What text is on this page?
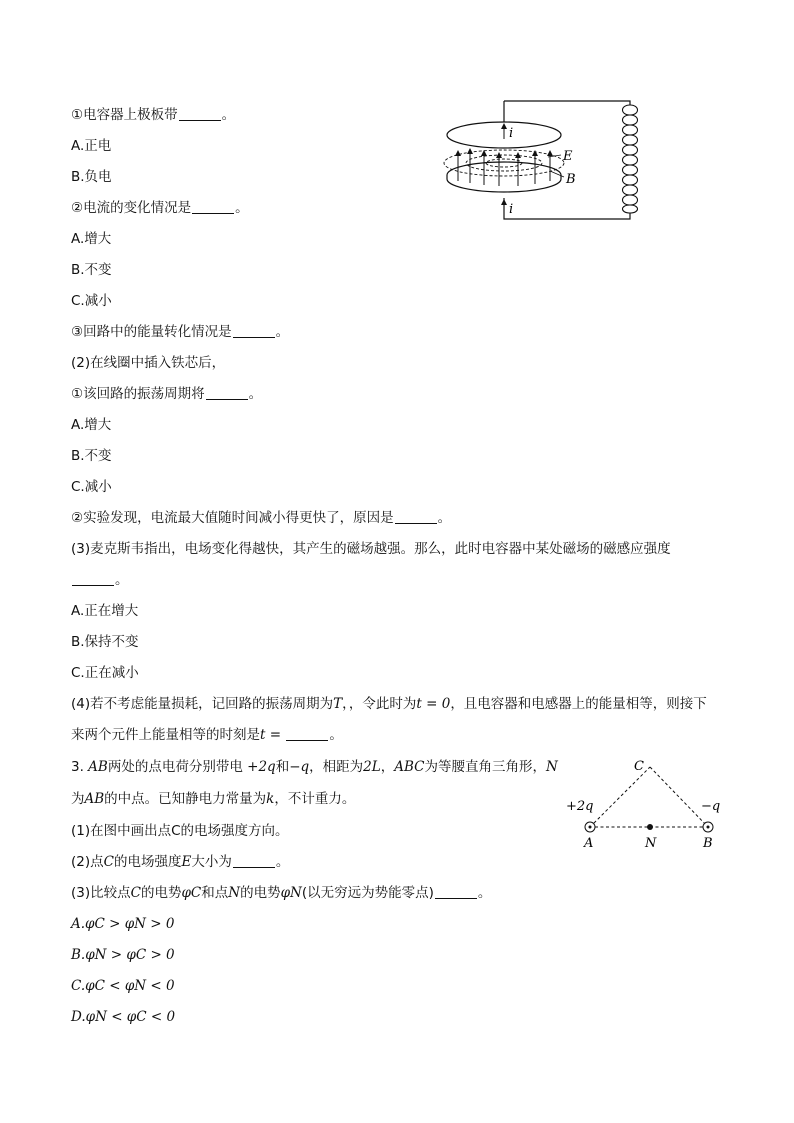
①电容器上极板带	。
A.正电
B.负电
②电流的变化情况是	。
A.增大
B.不变
C.减小
③回路中的能量转化情况是	。
(2)在线圈中插入铁芯后，
①该回路的振荡周期将	。
A.增大
B.不变
C.减小
②实验发现，电流最大值随时间减小得更快了，原因是	。
(3)麦克斯韦指出，电场变化得越快，其产生的磁场越强。那么，此时电容器中某处磁场的磁感应强度
。
A.正在增大
B.保持不变
C.正在减小
(4)若不考虑能量损耗，记回路的振荡周期为T，，令此时为t = 0，且电容器和电感器上的能量相等，则接下
来两个元件上能量相等的时刻是t =	。
3. AB两处的点电荷分别带电 +2q和−q，相距为2L，ABC为等腰直角三角形，N
为AB的中点。已知静电力常量为k，不计重力。
(1)在图中画出点C的电场强度方向。
(2)点C的电场强度E大小为	。
(3)比较点C的电势φC和点N的电势φN(以无穷远为势能零点)	。
A.φC > φN > 0
B.φN > φC > 0
C.φC < φN < 0
D.φN < φC < 0
i
i
E
B
C
A	N	B
+2q	−q
